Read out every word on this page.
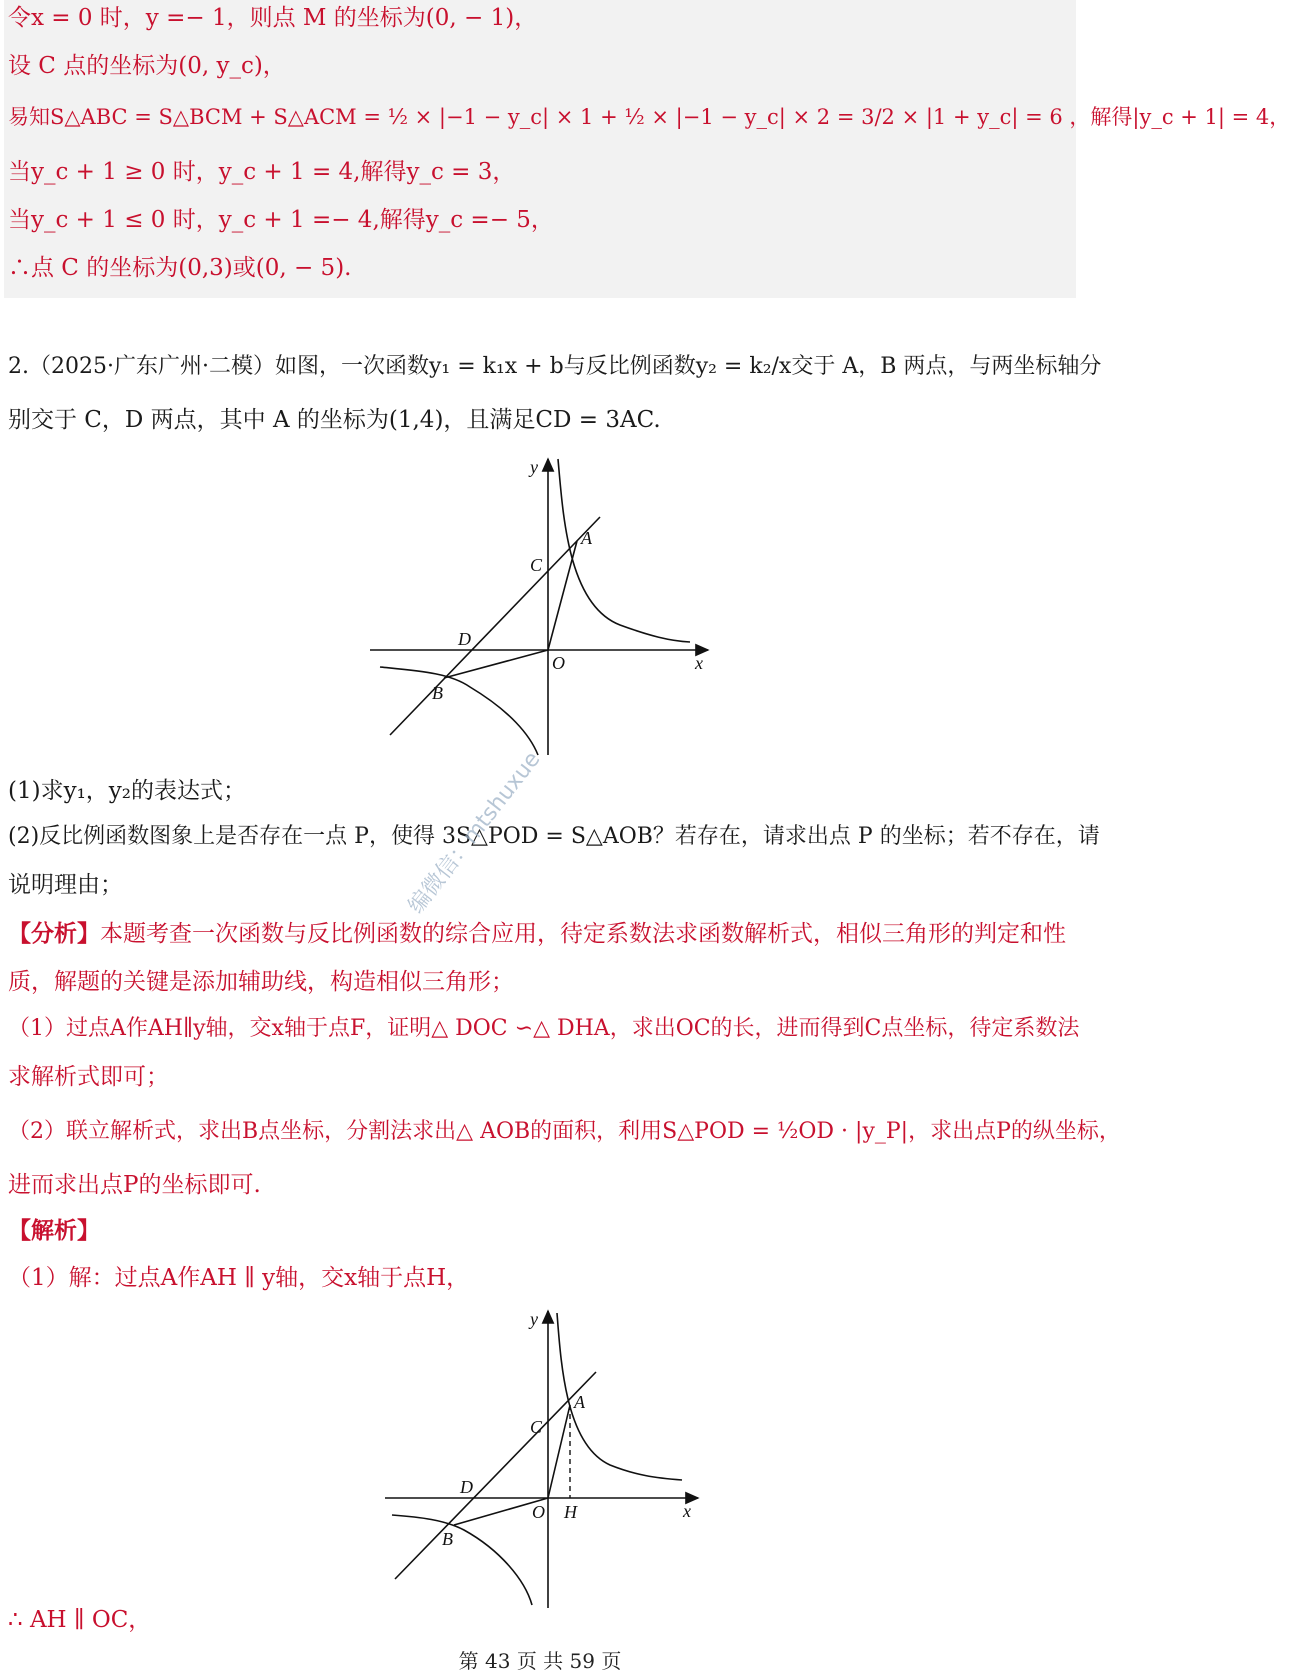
令x = 0 时，y =− 1，则点 M 的坐标为(0, − 1)，
设 C 点的坐标为(0, y_c)，
易知S△ABC = S△BCM + S△ACM = ½ × |−1 − y_c| × 1 + ½ × |−1 − y_c| × 2 = 3/2 × |1 + y_c| = 6 ，解得|y_c + 1| = 4，
当y_c + 1 ≥ 0 时，y_c + 1 = 4,解得y_c = 3，
当y_c + 1 ≤ 0 时，y_c + 1 =− 4,解得y_c =− 5，
∴点 C 的坐标为(0,3)或(0, − 5).
2.（2025·广东广州·二模）如图，一次函数y₁ = k₁x + b与反比例函数y₂ = k₂/x交于 A，B 两点，与两坐标轴分
别交于 C，D 两点，其中 A 的坐标为(1,4)，且满足CD = 3AC.
y
x
A
B
C
D
O
(1)求y₁，y₂的表达式；
(2)反比例函数图象上是否存在一点 P，使得 3S△POD = S△AOB？若存在，请求出点 P 的坐标；若不存在，请
说明理由；
【分析】本题考查一次函数与反比例函数的综合应用，待定系数法求函数解析式，相似三角形的判定和性
质，解题的关键是添加辅助线，构造相似三角形；
（1）过点A作AH∥y轴，交x轴于点F，证明△ DOC ∽△ DHA，求出OC的长，进而得到C点坐标，待定系数法
求解析式即可；
（2）联立解析式，求出B点坐标，分割法求出△ AOB的面积，利用S△POD = ½OD · |y_P|，求出点P的纵坐标，
进而求出点P的坐标即可.
【解析】
（1）解：过点A作AH ∥ y轴，交x轴于点H，
y
x
A
B
C
D
O H
∴ AH ∥ OC，
编微信：mtshuxue
第 43 页 共 59 页
